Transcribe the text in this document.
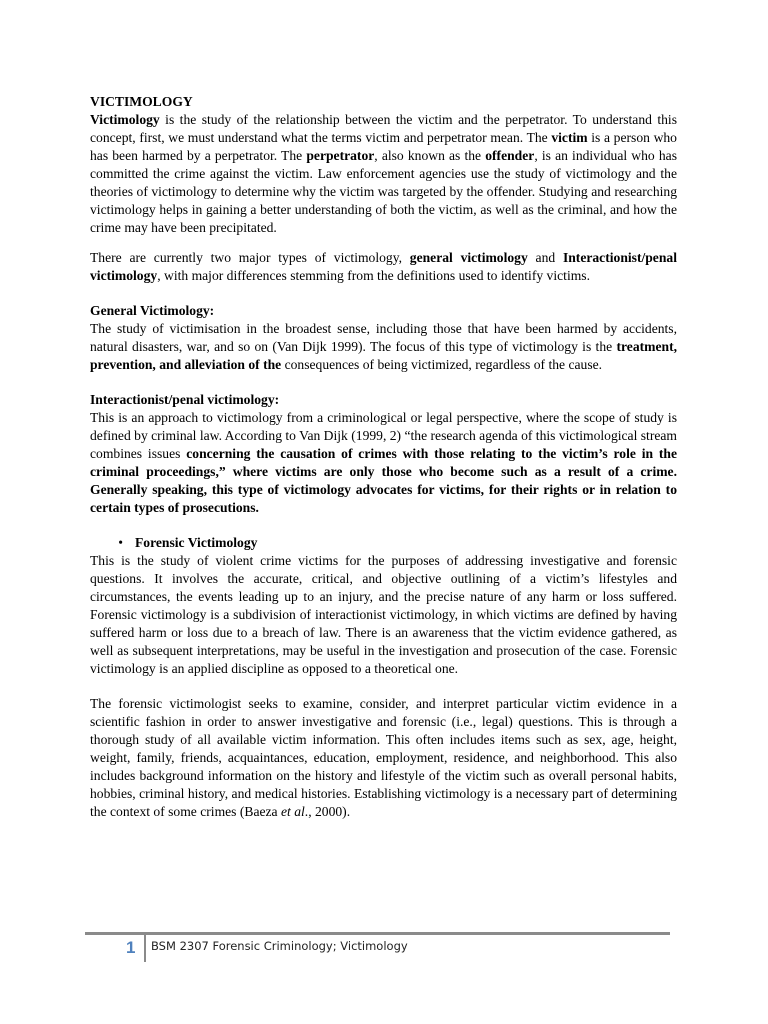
VICTIMOLOGY

Victimology is the study of the relationship between the victim and the perpetrator. To understand this concept, first, we must understand what the terms victim and perpetrator mean. The victim is a person who has been harmed by a perpetrator. The perpetrator, also known as the offender, is an individual who has committed the crime against the victim. Law enforcement agencies use the study of victimology and the theories of victimology to determine why the victim was targeted by the offender. Studying and researching victimology helps in gaining a better understanding of both the victim, as well as the criminal, and how the crime may have been precipitated.

There are currently two major types of victimology, general victimology and Interactionist/penal victimology, with major differences stemming from the definitions used to identify victims.

General Victimology:

The study of victimisation in the broadest sense, including those that have been harmed by accidents, natural disasters, war, and so on (Van Dijk 1999). The focus of this type of victimology is the treatment, prevention, and alleviation of the consequences of being victimized, regardless of the cause.

Interactionist/penal victimology:

This is an approach to victimology from a criminological or legal perspective, where the scope of study is defined by criminal law. According to Van Dijk (1999, 2) “the research agenda of this victimological stream combines issues concerning the causation of crimes with those relating to the victim’s role in the criminal proceedings,” where victims are only those who become such as a result of a crime. Generally speaking, this type of victimology advocates for victims, for their rights or in relation to certain types of prosecutions.

• Forensic Victimology

This is the study of violent crime victims for the purposes of addressing investigative and forensic questions. It involves the accurate, critical, and objective outlining of a victim’s lifestyles and circumstances, the events leading up to an injury, and the precise nature of any harm or loss suffered. Forensic victimology is a subdivision of interactionist victimology, in which victims are defined by having suffered harm or loss due to a breach of law. There is an awareness that the victim evidence gathered, as well as subsequent interpretations, may be useful in the investigation and prosecution of the case. Forensic victimology is an applied discipline as opposed to a theoretical one.

The forensic victimologist seeks to examine, consider, and interpret particular victim evidence in a scientific fashion in order to answer investigative and forensic (i.e., legal) questions. This is through a thorough study of all available victim information. This often includes items such as sex, age, height, weight, family, friends, acquaintances, education, employment, residence, and neighborhood. This also includes background information on the history and lifestyle of the victim such as overall personal habits, hobbies, criminal history, and medical histories. Establishing victimology is a necessary part of determining the context of some crimes (Baeza et al., 2000).

1 BSM 2307 Forensic Criminology; Victimology
